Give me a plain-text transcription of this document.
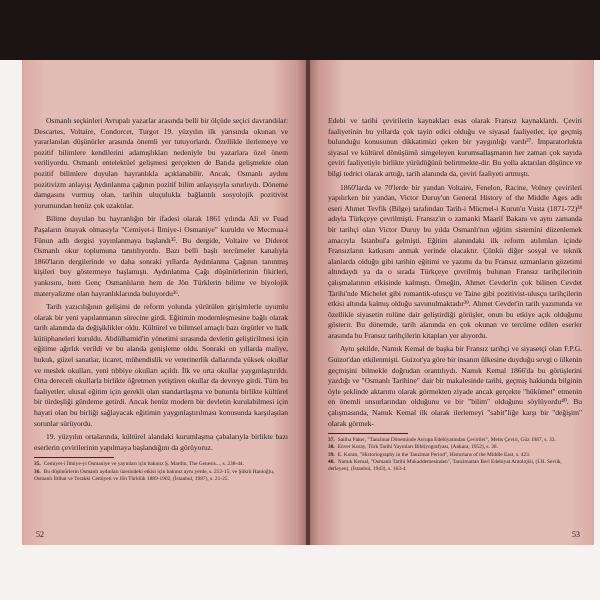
Osmanlı seçkinleri Avrupalı yazarlar arasında belli bir ölçüde seçici davrandılar: Descartes, Voltaire, Condorcet, Turgot 19. yüzyılın ilk yarısında okunan ve yararlanılan düşünürler arasında önemli yer tutuyorlardı. Özellikle ilerlemeye ve pozitif bilimlere kendilerini adamışlıkları nedeniyle bu yazarlara özel önem veriliyordu. Osmanlı entelektüel gelişmesi gerçekten de Batıda gelişmekte olan pozitif bilimlere duyulan hayranlıkla açıklanabilir. Ancak, Osmanlı aydını pozitivizm anlayışı Aydınlanma çağının pozitif bilim anlayışıyla sınırlıydı. Döneme damgasını vurmuş olan, tarihin uluçulukla bağlantılı sosyolojik pozitivist yorumundan henüz çok uzaktılar.

Bilime duyulan bu hayranlığın bir ifadesi olarak 1861 yılında Ali ve Fuad Paşaların önayak olmasıyla "Cemiyet-i İlmiye-i Osmaniye" kuruldu ve Mecmua-i Fünun adlı dergisi yayınlanmaya başlandı³⁵. Bu dergide, Voltaire ve Diderot Osmanlı okur toplumuna tanıtılıyordu. Bazı belli başlı tercümeler kanalıyla 1860'ların dergilerinde ve daha sonraki yıllarda Aydınlanma Çağının tanınmış kişileri boy göstermeye başlamıştı. Aydınlanma Çağı düşünürlerinin fikirleri, yankısını, hem Genç Osmanlıların hem de Jön Türklerin bilime ve biyolojik materyalizme olan hayranlıklarında buluyordu³⁶.

Tarih yazıcılığının gelişimi de reform yolunda yürütülen girişimlerle uyumlu olarak bir yeni yapılanmanın sürecine girdi. Eğitimin modernleşmesine bağlı olarak tarih alanında da değişiklikler oldu. Kültürel ve bilimsel amaçlı bazı örgütler ve halk kütüphaneleri kuruldu. Abdülhamid'in yönetimi sırasında devletin geliştirilmesi için eğitime ağırlık verildi ve bu alanda genişleme oldu. Sonraki on yıllarda maliye, hukuk, güzel sanatlar, ticaret, mühendislik ve veterinerlik dallarında yüksek okullar ve meslek okulları, yeni tıbbiye okulları açıldı. İlk ve orta okullar yaygınlaştırıldı. Orta dereceli okullarla birlikte öğretmen yetiştiren okullar da devreye girdi. Tüm bu faaliyetler, ulusal eğitim için gerekli olan standartlaşma ve bununla birlikte kültürel bir türdeşliği gündeme getirdi. Ancak henüz modern bir devletin kurulabilmesi için hayati olan bu birliği sağlayacak eğitimin yaygınlaştırılması konusunda karşılaşılan sorunlar sürüyordu.

19. yüzyılın ortalarında, kültürel alandaki kurumlaşma çabalarıyla birlikte bazı eserlerin çevirilerinin yapılmaya başlandığını da görüyoruz.

35. Cemiyet-i İlmiye-yi Osmaniye ve yayınları için bakınız Ş. Mardin, The Genesis..., s. 238-44.

36. Bu düşünürlerin Osmanlı aydınları üzerindeki etkisi için bakınız aynı yerde, s. 212-15; ve Şükrü Hanioğlu, Osmanlı İttihat ve Terakki Cemiyeti ve Jön Türklük 1889-1902, (İstanbul, 1987), s. 21-25.

52

Edebi ve tarihi çevirilerin kaynakları esas olarak Fransız kaynaklardı. Çeviri faaliyetinin bu yıllarda çok tayin edici olduğu ve siyasal faaliyetler, içe geçmiş bulunduğu konusunun dikkatimizi çeken bir yaygınlığı vardı³⁷. İmparatorlukta siyasal ve kültürel dönüşümü simgeleyen kurumsallaşmanın her zaman çok sayıda çeviri faaliyetiyle birlikte yürüdüğünü belirtmekte-dir. Bu yolla aktarılan düşünce ve bilgi tedrici olarak arttığı, tarih alanında da, çeviri faaliyeti artmıştı.

1860'larda ve 70'lerde bir yandan Voltaire, Fenelon, Racine, Volney çevirileri yapılırken bir yandan, Victor Duruy'un General History of the Middle Ages adlı eseri Ahmet Tevfik (Bilge) tarafından Tarih-i Mücmel-i Kurun'u Vusta (1871-72)³⁸ adıyla Türkçeye çevrilmişti. Fransız'ın o zamanki Maarif Bakanı ve aynı zamanda bir tarihçi olan Victor Duruy bu yılda Osmanlı'nın eğitim sistemini düzenlemek amacıyla İstanbul'a gelmişti. Eğitim alanındaki ilk reform atılımları içinde Fransızların katkısını anmak yerinde olacaktır. Çünkü diğer sosyal ve teknik alanlarda olduğu gibi tarihin eğitimi ve yazımı da bu Fransız uzmanların gözetimi altındaydı ya da o sırada Türkçeye çevrilmiş bulunan Fransız tarihçilerinin çalışmalarının etkisinde kalmıştı. Örneğin, Ahmet Cevdet'in çok bilinen Cevdet Tarihi'nde Michelet gibi romantik-ulusçu ve Taine gibi pozitivist-ulusçu tarihçilerin etkisi altında kalmış olduğu savunulmaktadır³⁹. Ahmet Cevdet'in tarih yazımında ve özellikle siyasetin rolüne dair geliştirdiği görüşler, onun bu etkiye açık olduğunu gösterir. Bu dönemde, tarih alanında en çok okunan ve tercüme edilen eserler arasında bu Fransız tarihçilerin kitapları yer alıyordu.

Aynı şekilde, Namık Kemal de başka bir Fransız tarihçi ve siyasetçi olan F.P.G. Guizot'dan etkilenmişti. Guizot'ya göre bir insanın ülkesine duyduğu sevgi o ülkenin geçmişini bilmekle doğrudan orantılıydı. Namık Kemal 1866'da bu görüşlerini yazdığı ve "Osmanlı Tarihine" dair bir makalesinde tarihi, geçmiş hakkında bilginin öyle şeklinde aktarımı olarak görmekten ziyade ancak gerçekte "hükümet" etmenin en önemli unsurlarından olduğunu ve bir "bilim" olduğunu söylüyordu⁴⁰. Bu çalışmasında, Namık Kemal ilk olarak ilerlemeyi "sabit"liğe karşı bir "değişim" olarak görmek-

37. Saliha Paker, "Tanzimat Döneminde Avrupa Edebiyatından Çeviriler", Metis Çeviri, Güz 1987, s. 33.

38. Enver Koray, Türk Tarihi Yayınları Bibliyografyası, (Ankara, 1952), s. 38.

39. E. Kuran, "Historiography in the Tanzimat Period", Historians of the Middle East, s. 423.

40. Namık Kemal, "Osmanlı Tarihi Mukaddemesinden", Tanzimattan Beri Edebiyat Antolojisi, (İ.H. Sevük, derleyen), (İstanbul, 1943), s. 163-4.

53
